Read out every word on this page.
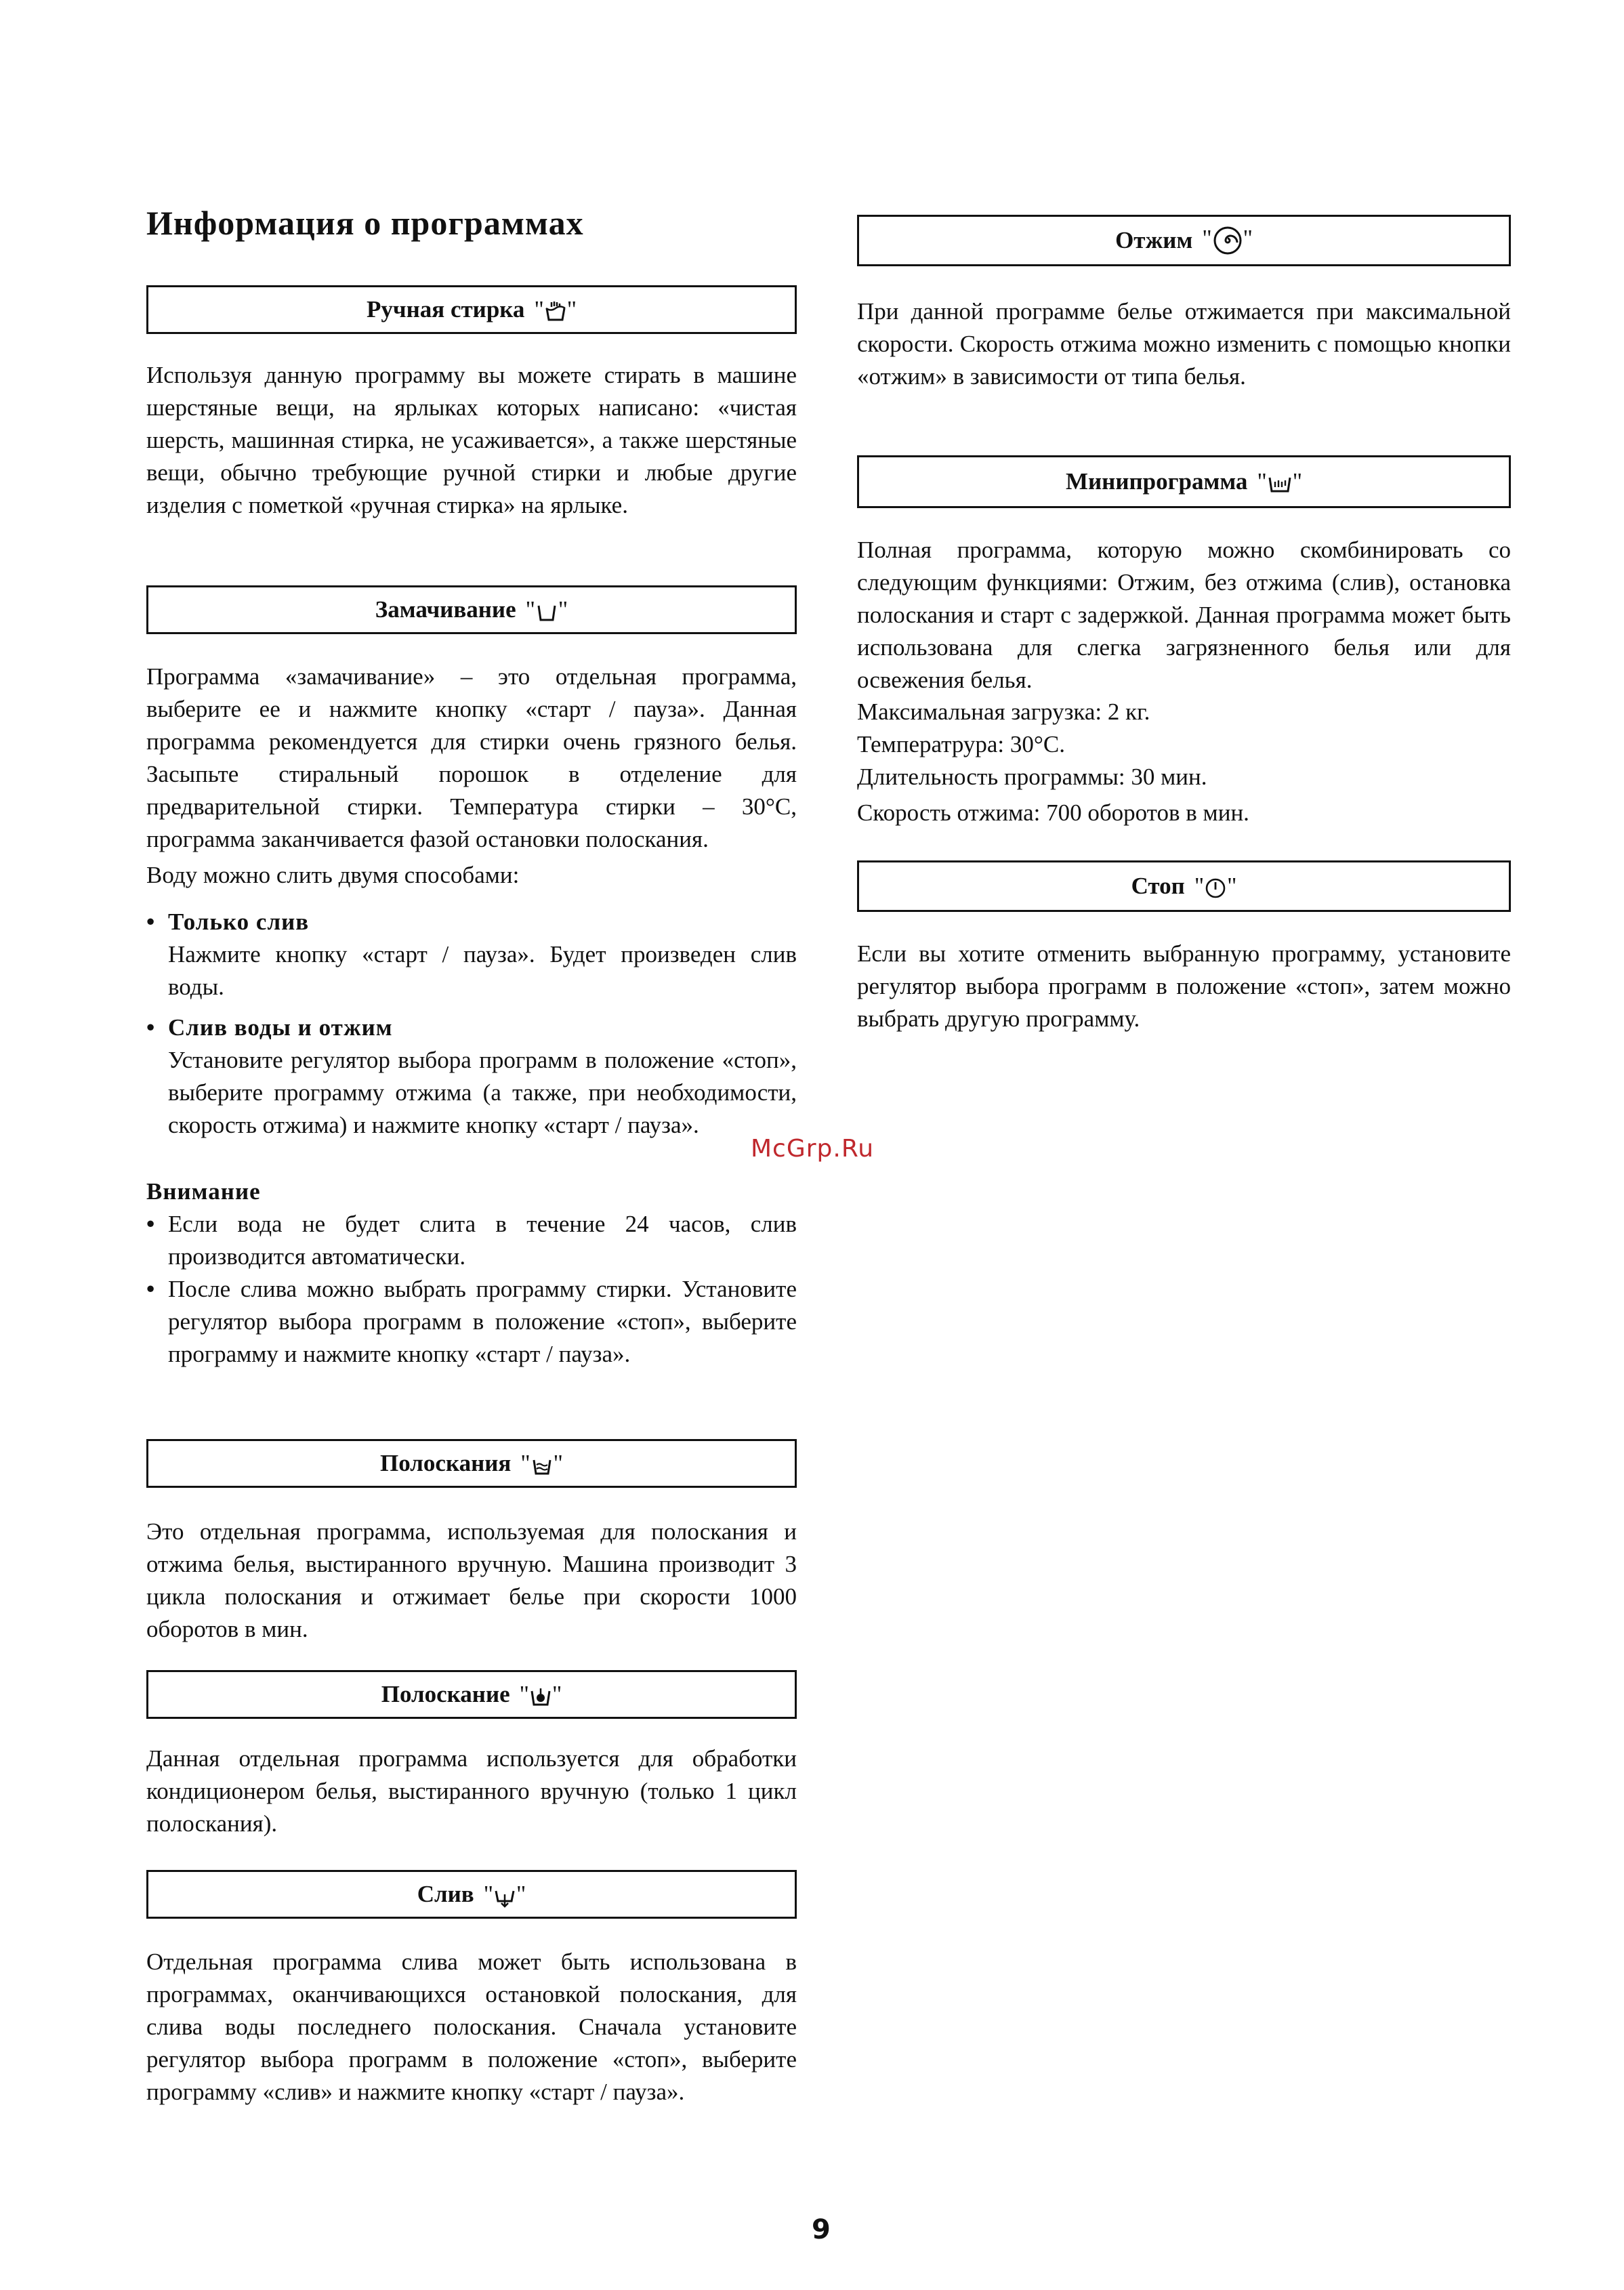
Информация о программах
Ручная стирка " "

Используя данную программу вы можете стирать в машине шерстяные вещи, на ярлыках которых написано: «чистая шерсть, машинная стирка, не усаживается», а также шерстяные вещи, обычно требующие ручной стирки и любые другие изделия с пометкой «ручная стирка» на ярлыке.

Замачивание " "

Программа «замачивание» – это отдельная программа, выберите ее и нажмите кнопку «старт / пауза». Данная программа рекомендуется для стирки очень грязного белья. Засыпьте стиральный порошок в отделение для предварительной стирки. Температура стирки – 30°С, программа заканчивается фазой остановки полоскания.

Воду можно слить двумя способами:

• Только слив

Нажмите кнопку «старт / пауза». Будет произведен слив воды.

• Слив воды и отжим

Установите регулятор выбора программ в положение «стоп», выберите программу отжима (а также, при необходимости, скорость отжима) и нажмите кнопку «старт / пауза».

Внимание

• Если вода не будет слита в течение 24 часов, слив производится автоматически.

• После слива можно выбрать программу стирки. Установите регулятор выбора программ в положение «стоп», выберите программу и нажмите кнопку «старт / пауза».

Полоскания " "

Это отдельная программа, используемая для полоскания и отжима белья, выстиранного вручную. Машина производит 3 цикла полоскания и отжимает белье при скорости 1000 оборотов в мин.

Полоскание " "

Данная отдельная программа используется для обработки кондиционером белья, выстиранного вручную (только 1 цикл полоскания).

Слив " "

Отдельная программа слива может быть использована в программах, оканчивающихся остановкой полоскания, для слива воды последнего полоскания. Сначала установите регулятор выбора программ в положение «стоп», выберите программу «слив» и нажмите кнопку «старт / пауза».

Отжим " "

При данной программе белье отжимается при максимальной скорости. Скорость отжима можно изменить с помощью кнопки «отжим» в зависимости от типа белья.

Минипрограмма " "

Полная программа, которую можно скомбинировать со следующим функциями: Отжим, без отжима (слив), остановка полоскания и старт с задержкой. Данная программа может быть использована для слегка загрязненного белья или для освежения белья.

Максимальная загрузка: 2 кг.

Темпеpатрура: 30°С.

Длительность программы: 30 мин.

Скорость отжима: 700 оборотов в мин.

Стоп " "

Если вы хотите отменить выбранную программу, установите регулятор выбора программ в положение «стоп», затем можно выбрать другую программу.

McGrp.Ru
9
